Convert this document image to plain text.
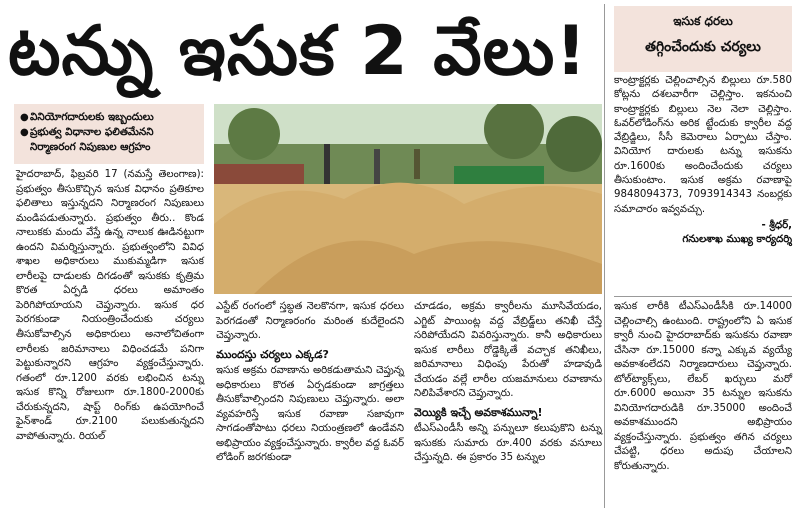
టన్ను ఇసుక 2 వేలు!	ఇసుక ధరలు
తగ్గించేందుకు చర్యలు
కాంట్రాక్టర్లకు చెల్లించాల్సిన బిల్లులు రూ.580 కోట్లను దశలవారీగా చెల్లిస్తాం. ఇకనుంచి కాంట్రాక్టర్లకు బిల్లులు నెల నెలా చెల్లిస్తాం. ఓవర్‌లోడింగ్‌ను అరిక ట్టేందుకు క్వారీల వద్ద వేబ్రిడ్జిలు, సీసీ కెమెరాలు ఏర్పాటు చేస్తాం. వినియోగ దారులకు టన్ను ఇసుకను రూ.1600కు అందించేందుకు చర్యలు తీసుకుంటాం. ఇసుక అక్రమ రవాణాపై 9848094373, 7093914343 నంబర్లకు సమాచారం ఇవ్వవచ్చు.
- శ్రీధర్,
గనులశాఖ ముఖ్య కార్యదర్శి
● వినియోగదారులకు ఇబ్బందులు
● ప్రభుత్వ విధానాల ఫలితమేనని నిర్మాణరంగ నిపుణుల ఆగ్రహం
హైదరాబాద్, ఫిబ్రవరి 17 (నమస్తే తెలంగాణ): ప్రభుత్వం తీసుకొచ్చిన ఇసుక విధానం ప్రతికూల ఫలితాలు ఇస్తున్నదని నిర్మాణరంగ నిపుణులు మండిపడుతున్నారు. ప్రభుత్వం తీరు.. కొండ నాలుకకు మందు వేస్తే ఉన్న నాలుక ఊడినట్టుగా ఉందని విమర్శిస్తున్నారు. ప్రభుత్వంలోని వివిధ శాఖల అధికారులు ముకుమ్మడిగా ఇసుక లారీలపై దాడులకు దిగడంతో ఇసుకకు కృత్రిమ కొరత ఏర్పడి ధరలు అమాంతం పెరిగిపోయాయని చెప్తున్నారు. ఇసుక ధర పెరగకుండా నియంత్రించేందుకు చర్యలు తీసుకోవాల్సిన అధికారులు అనాలోచితంగా లారీలకు జరిమానాలు విధించడమే పనిగా పెట్టుకున్నారని ఆగ్రహం వ్యక్తంచేస్తున్నారు. గతంలో రూ.1200 వరకు లభించిన టన్ను ఇసుక కొన్ని రోజులుగా రూ.1800-2000కు చేరుకున్నదని, షాప్ట్ రింగ్‌కు ఉపయోగించే ఫైన్‌శాండ్ రూ.2100 పలుకుతున్నదని వాపోతున్నారు. రియల్
ఎస్టేట్ రంగంలో స్తబ్ధత నెలకొనగా, ఇసుక ధరలు పెరగడంతో నిర్మాణరంగం మరింత కుదేలైందని చెప్తున్నారు.
ముందస్తు చర్యలు ఎక్కడ?
ఇసుక అక్రమ రవాణాను అరికడుతామని చెప్తున్న అధికారులు కొరత ఏర్పడకుండా జాగ్రత్తలు తీసుకోవాల్సిందని నిపుణులు చెప్తున్నారు. అలా వ్యవహరిస్తే ఇసుక రవాణా సజావుగా సాగడంతోపాటు ధరలు నియంత్రణలో ఉండేవని అభిప్రాయం వ్యక్తంచేస్తున్నారు. క్వారీల వద్ద ఓవర్ లోడింగ్ జరగకుండా
చూడడం, అక్రమ క్వారీలను మూసివేయడం, ఎగ్జిట్ పాయింట్ల వద్ద వేబ్రిడ్జ్‌లు తనిఖీ చేస్తే సరిపోయేదని వివరిస్తున్నారు. కానీ అధికారులు ఇసుక లారీలు రోడ్డెక్కితే వచ్చాక తనిఖీలు, జరిమానాలు విధింపు పేరుతో హడావుడి చేయడం వల్లే లారీల యజమానులు రవాణాను నిలిపివేశారని చెప్తున్నారు.
వెయ్యికి ఇచ్చే అవకాశమున్నా!
టీఎస్ఎండీసీ అన్ని పన్నులూ కలుపుకొని టన్ను ఇసుకకు సుమారు రూ.400 వరకు వసూలు చేస్తున్నది. ఈ ప్రకారం 35 టన్నుల
ఇసుక లారీకి టీఎస్ఎండీసీకి రూ.14000 చెల్లించాల్సి ఉంటుంది. రాష్ట్రంలోని ఏ ఇసుక క్వారీ నుంచి హైదరాబాద్‌కు ఇసుకను రవాణా చేసినా రూ.15000 కన్నా ఎక్కువ వ్యయ్యే అవకాశంలేదని నిర్మాణదారులు చెప్తున్నారు. టోల్‌ట్యాక్స్‌లు, లేబర్ ఖర్చులు మరో రూ.6000 అయినా 35 టన్నుల ఇసుకను వినియోగదారుడికి రూ.35000 అందించే అవకాశముందని అభిప్రాయం వ్యక్తంచేస్తున్నారు. ప్రభుత్వం తగిన చర్యలు చేపట్టి, ధరలు అదుపు చేయాలని కోరుతున్నారు.
